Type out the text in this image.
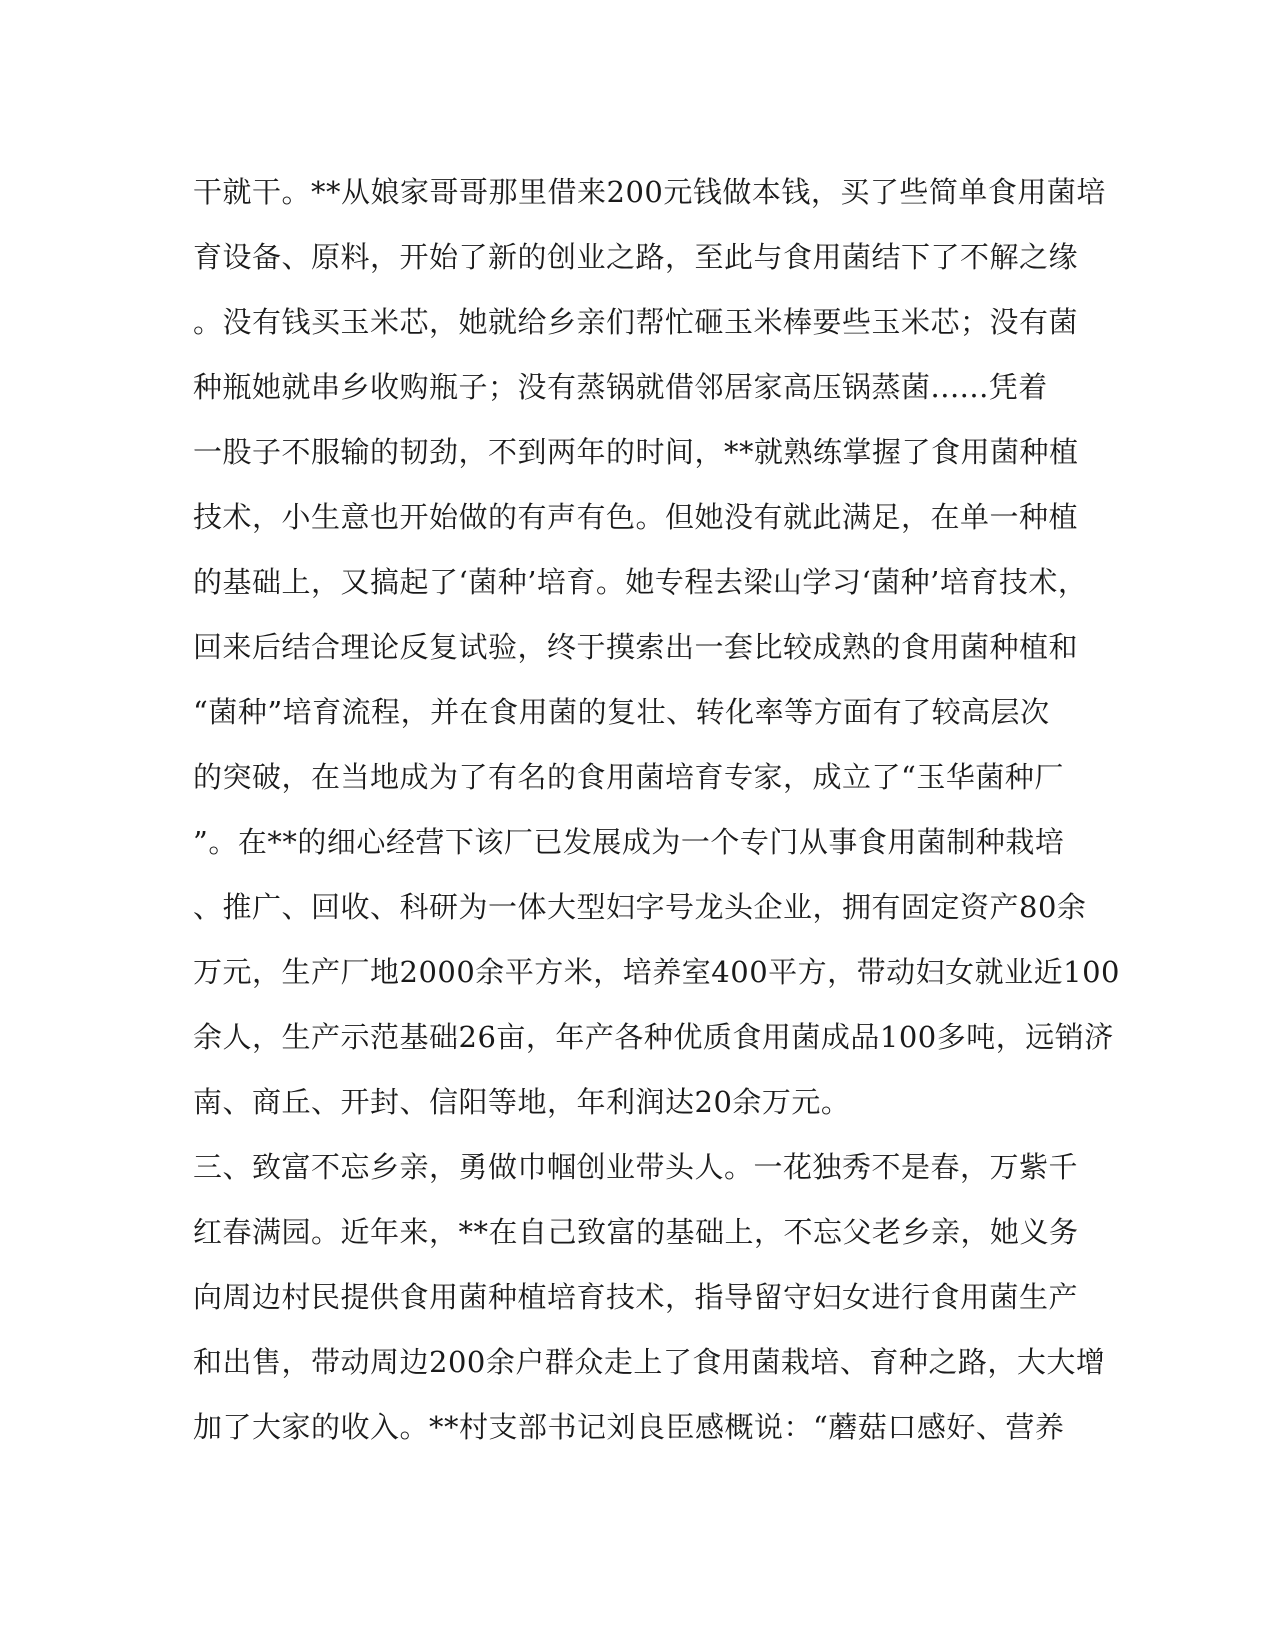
干就干。**从娘家哥哥那里借来200元钱做本钱，买了些简单食用菌培
育设备、原料，开始了新的创业之路，至此与食用菌结下了不解之缘
。没有钱买玉米芯，她就给乡亲们帮忙砸玉米棒要些玉米芯；没有菌
种瓶她就串乡收购瓶子；没有蒸锅就借邻居家高压锅蒸菌......凭着
一股子不服输的韧劲，不到两年的时间，**就熟练掌握了食用菌种植
技术，小生意也开始做的有声有色。但她没有就此满足，在单一种植
的基础上，又搞起了‘菌种’培育。她专程去梁山学习‘菌种’培育技术，
回来后结合理论反复试验，终于摸索出一套比较成熟的食用菌种植和
“菌种”培育流程，并在食用菌的复壮、转化率等方面有了较高层次
的突破，在当地成为了有名的食用菌培育专家，成立了“玉华菌种厂
”。在**的细心经营下该厂已发展成为一个专门从事食用菌制种栽培
、推广、回收、科研为一体大型妇字号龙头企业，拥有固定资产80余
万元，生产厂地2000余平方米，培养室400平方，带动妇女就业近100
余人，生产示范基础26亩，年产各种优质食用菌成品100多吨，远销济
南、商丘、开封、信阳等地，年利润达20余万元。
三、致富不忘乡亲，勇做巾帼创业带头人。一花独秀不是春，万紫千
红春满园。近年来，**在自己致富的基础上，不忘父老乡亲，她义务
向周边村民提供食用菌种植培育技术，指导留守妇女进行食用菌生产
和出售，带动周边200余户群众走上了食用菌栽培、育种之路，大大增
加了大家的收入。**村支部书记刘良臣感概说：“蘑菇口感好、营养
